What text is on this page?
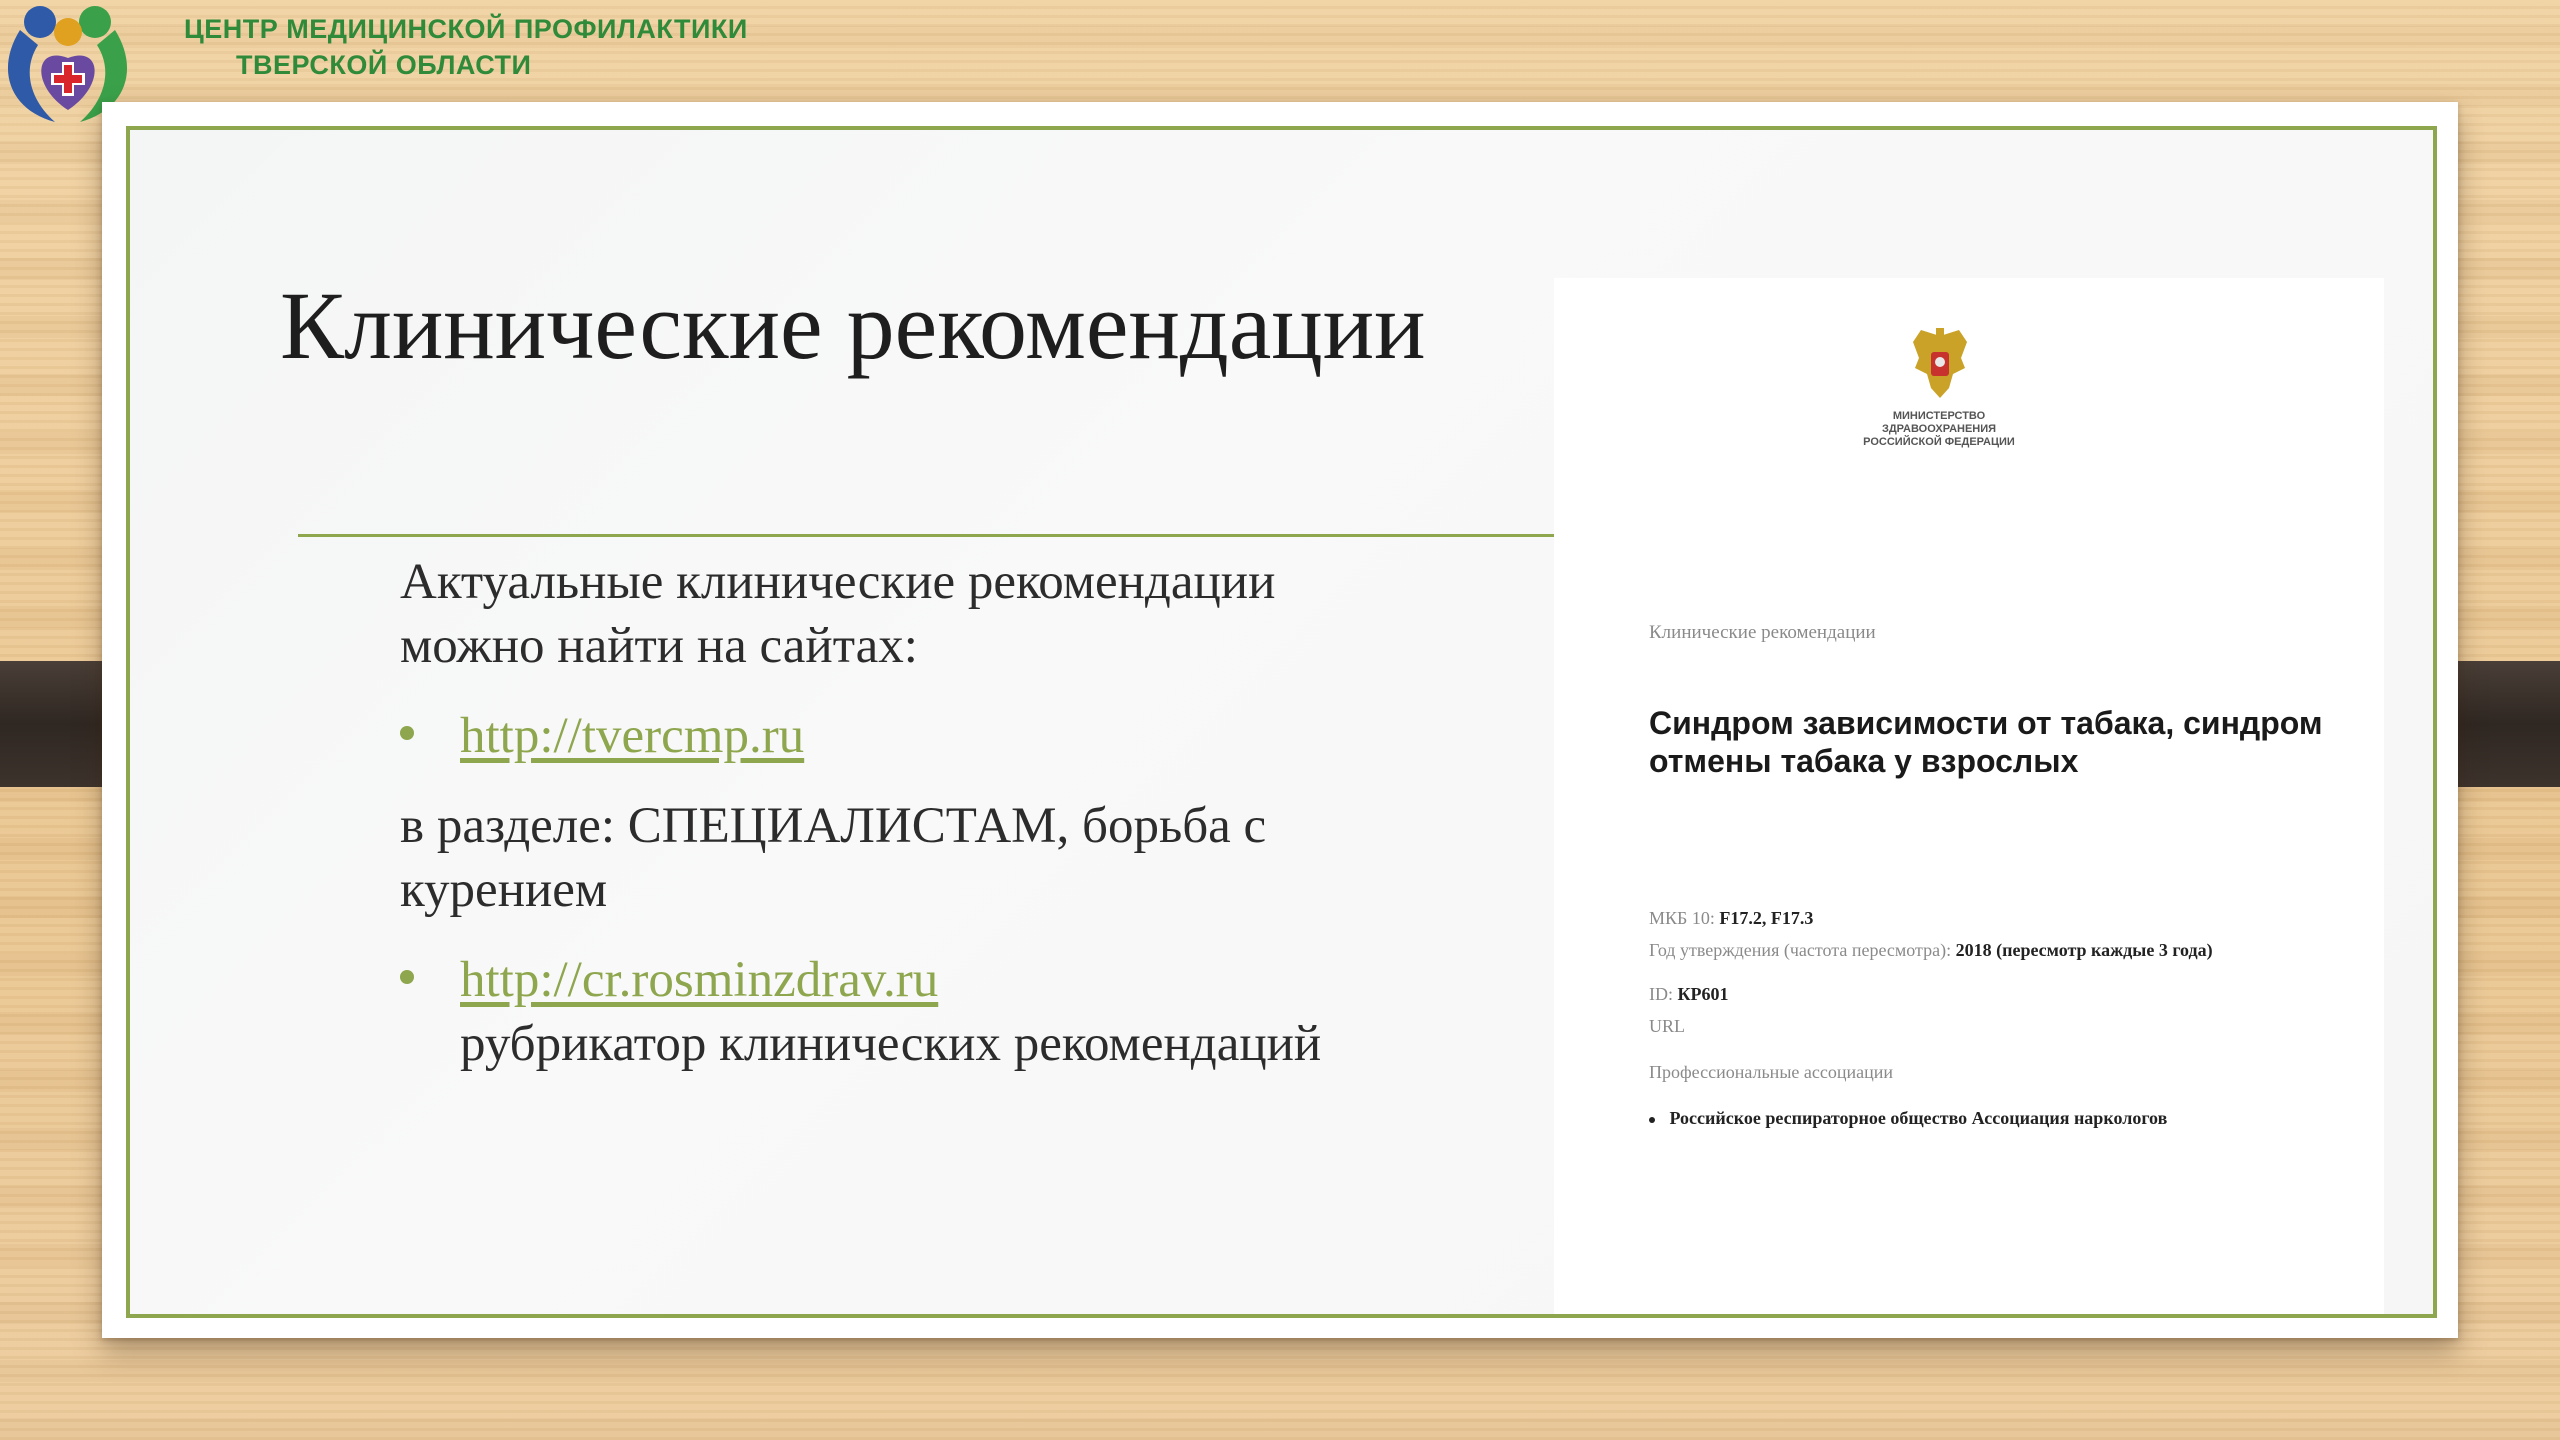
ЦЕНТР МЕДИЦИНСКОЙ ПРОФИЛАКТИКИ
ТВЕРСКОЙ ОБЛАСТИ
Клинические рекомендации

Актуальные клинические рекомендации можно найти на сайтах:

http://tvercmp.ru

в разделе: СПЕЦИАЛИСТАМ, борьба с курением

http://cr.rosminzdrav.ru
рубрикатор клинических рекомендаций
МИНИСТЕРСТВО
ЗДРАВООХРАНЕНИЯ
РОССИЙСКОЙ ФЕДЕРАЦИИ
Клинические рекомендации
Синдром зависимости от табака, синдром отмены табака у взрослых
МКБ 10: F17.2, F17.3
Год утверждения (частота пересмотра): 2018 (пересмотр каждые 3 года)
ID: КР601
URL
Профессиональные ассоциации
Российское респираторное общество Ассоциация наркологов
